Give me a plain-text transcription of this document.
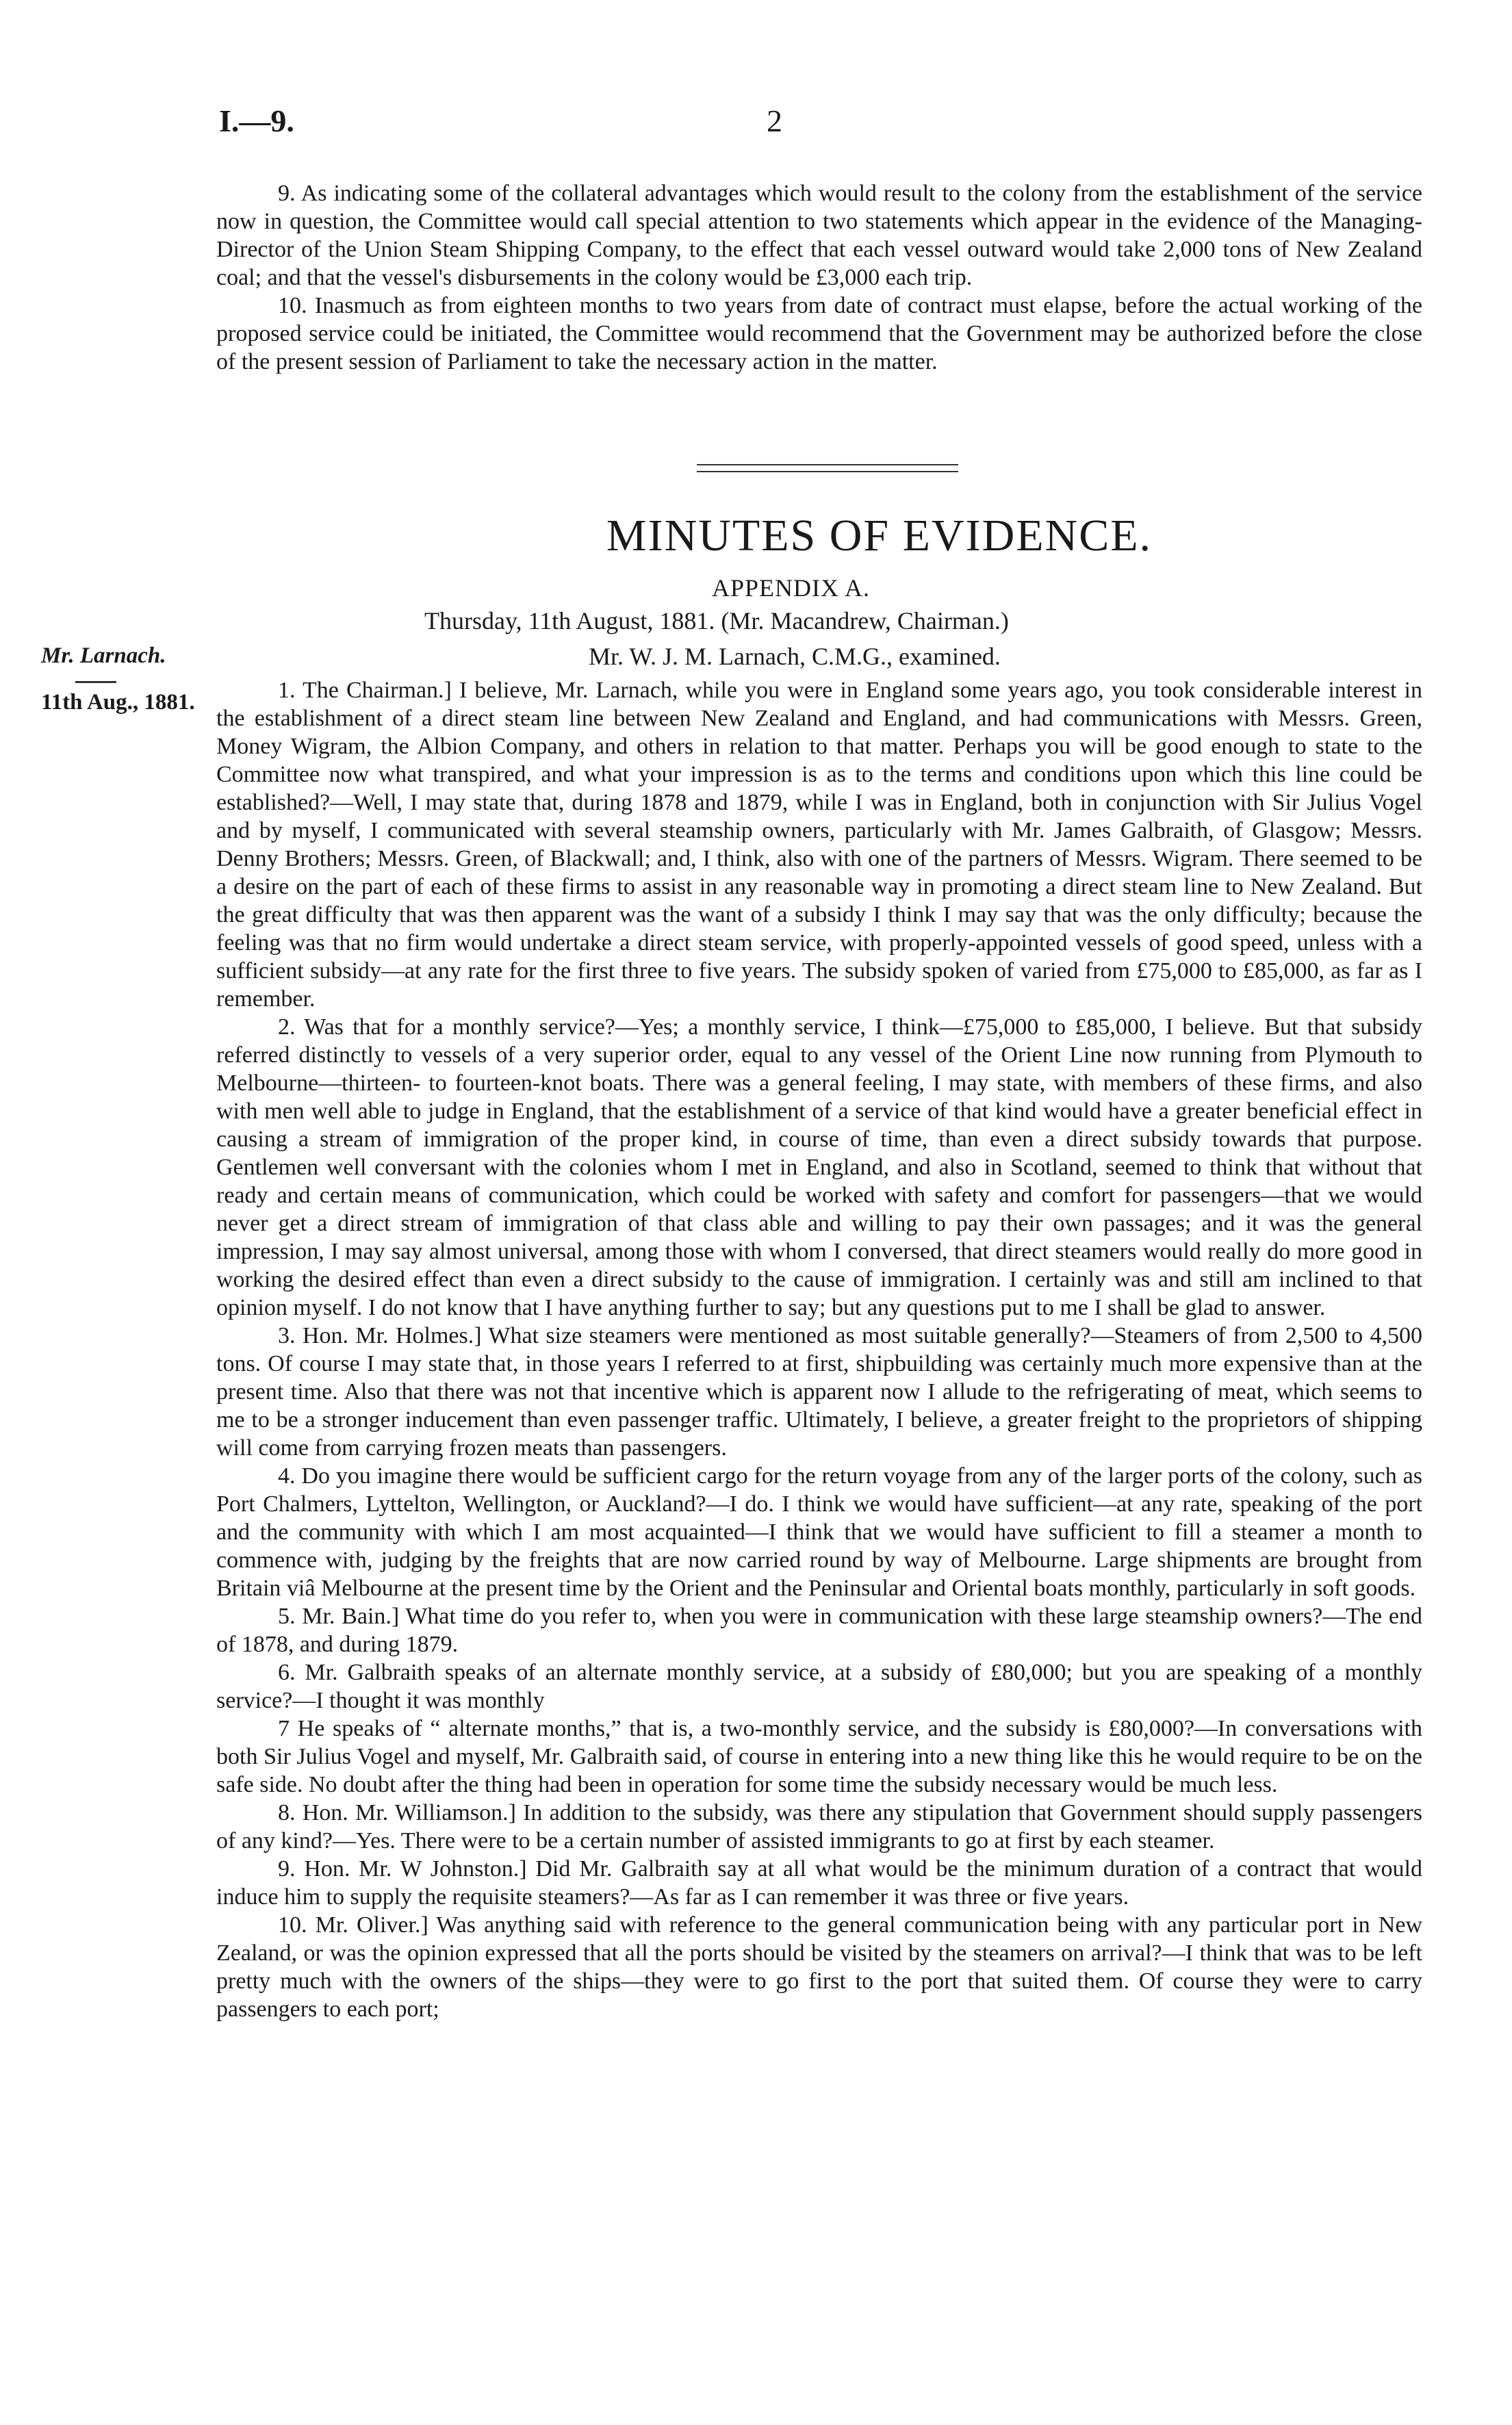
I.—9.	2

9. As indicating some of the collateral advantages which would result to the colony from the establishment of the service now in question, the Committee would call special attention to two statements which appear in the evidence of the Managing-Director of the Union Steam Shipping Company, to the effect that each vessel outward would take 2,000 tons of New Zealand coal; and that the vessel's disbursements in the colony would be £3,000 each trip.

10. Inasmuch as from eighteen months to two years from date of contract must elapse, before the actual working of the proposed service could be initiated, the Committee would recommend that the Government may be authorized before the close of the present session of Parliament to take the necessary action in the matter.

MINUTES OF EVIDENCE.
APPENDIX A.
Thursday, 11th August, 1881. (Mr. Macandrew, Chairman.)
Mr. W. J. M. Larnach, C.M.G., examined.
Mr. Larnach.
11th Aug., 1881.	1. The Chairman.] I believe, Mr. Larnach, while you were in England some years ago, you took considerable interest in the establishment of a direct steam line between New Zealand and England, and had communications with Messrs. Green, Money Wigram, the Albion Company, and others in relation to that matter. Perhaps you will be good enough to state to the Committee now what transpired, and what your impression is as to the terms and conditions upon which this line could be established?—Well, I may state that, during 1878 and 1879, while I was in England, both in conjunction with Sir Julius Vogel and by myself, I communicated with several steamship owners, particularly with Mr. James Galbraith, of Glasgow; Messrs. Denny Brothers; Messrs. Green, of Blackwall; and, I think, also with one of the partners of Messrs. Wigram. There seemed to be a desire on the part of each of these firms to assist in any reasonable way in promoting a direct steam line to New Zealand. But the great difficulty that was then apparent was the want of a subsidy I think I may say that was the only difficulty; because the feeling was that no firm would undertake a direct steam service, with properly-appointed vessels of good speed, unless with a sufficient subsidy—at any rate for the first three to five years. The subsidy spoken of varied from £75,000 to £85,000, as far as I remember.

2. Was that for a monthly service?—Yes; a monthly service, I think—£75,000 to £85,000, I believe. But that subsidy referred distinctly to vessels of a very superior order, equal to any vessel of the Orient Line now running from Plymouth to Melbourne—thirteen- to fourteen-knot boats. There was a general feeling, I may state, with members of these firms, and also with men well able to judge in England, that the establishment of a service of that kind would have a greater beneficial effect in causing a stream of immigration of the proper kind, in course of time, than even a direct subsidy towards that purpose. Gentlemen well conversant with the colonies whom I met in England, and also in Scotland, seemed to think that without that ready and certain means of communication, which could be worked with safety and comfort for passengers—that we would never get a direct stream of immigration of that class able and willing to pay their own passages; and it was the general impression, I may say almost universal, among those with whom I conversed, that direct steamers would really do more good in working the desired effect than even a direct subsidy to the cause of immigration. I certainly was and still am inclined to that opinion myself. I do not know that I have anything further to say; but any questions put to me I shall be glad to answer.

3. Hon. Mr. Holmes.] What size steamers were mentioned as most suitable generally?—Steamers of from 2,500 to 4,500 tons. Of course I may state that, in those years I referred to at first, shipbuilding was certainly much more expensive than at the present time. Also that there was not that incentive which is apparent now I allude to the refrigerating of meat, which seems to me to be a stronger inducement than even passenger traffic. Ultimately, I believe, a greater freight to the proprietors of shipping will come from carrying frozen meats than passengers.

4. Do you imagine there would be sufficient cargo for the return voyage from any of the larger ports of the colony, such as Port Chalmers, Lyttelton, Wellington, or Auckland?—I do. I think we would have sufficient—at any rate, speaking of the port and the community with which I am most acquainted—I think that we would have sufficient to fill a steamer a month to commence with, judging by the freights that are now carried round by way of Melbourne. Large shipments are brought from Britain viâ Melbourne at the present time by the Orient and the Peninsular and Oriental boats monthly, particularly in soft goods.

5. Mr. Bain.] What time do you refer to, when you were in communication with these large steamship owners?—The end of 1878, and during 1879.

6. Mr. Galbraith speaks of an alternate monthly service, at a subsidy of £80,000; but you are speaking of a monthly service?—I thought it was monthly

7 He speaks of “ alternate months,” that is, a two-monthly service, and the subsidy is £80,000?—In conversations with both Sir Julius Vogel and myself, Mr. Galbraith said, of course in entering into a new thing like this he would require to be on the safe side. No doubt after the thing had been in operation for some time the subsidy necessary would be much less.

8. Hon. Mr. Williamson.] In addition to the subsidy, was there any stipulation that Government should supply passengers of any kind?—Yes. There were to be a certain number of assisted immigrants to go at first by each steamer.

9. Hon. Mr. W Johnston.] Did Mr. Galbraith say at all what would be the minimum duration of a contract that would induce him to supply the requisite steamers?—As far as I can remember it was three or five years.

10. Mr. Oliver.] Was anything said with reference to the general communication being with any particular port in New Zealand, or was the opinion expressed that all the ports should be visited by the steamers on arrival?—I think that was to be left pretty much with the owners of the ships—they were to go first to the port that suited them. Of course they were to carry passengers to each port;
